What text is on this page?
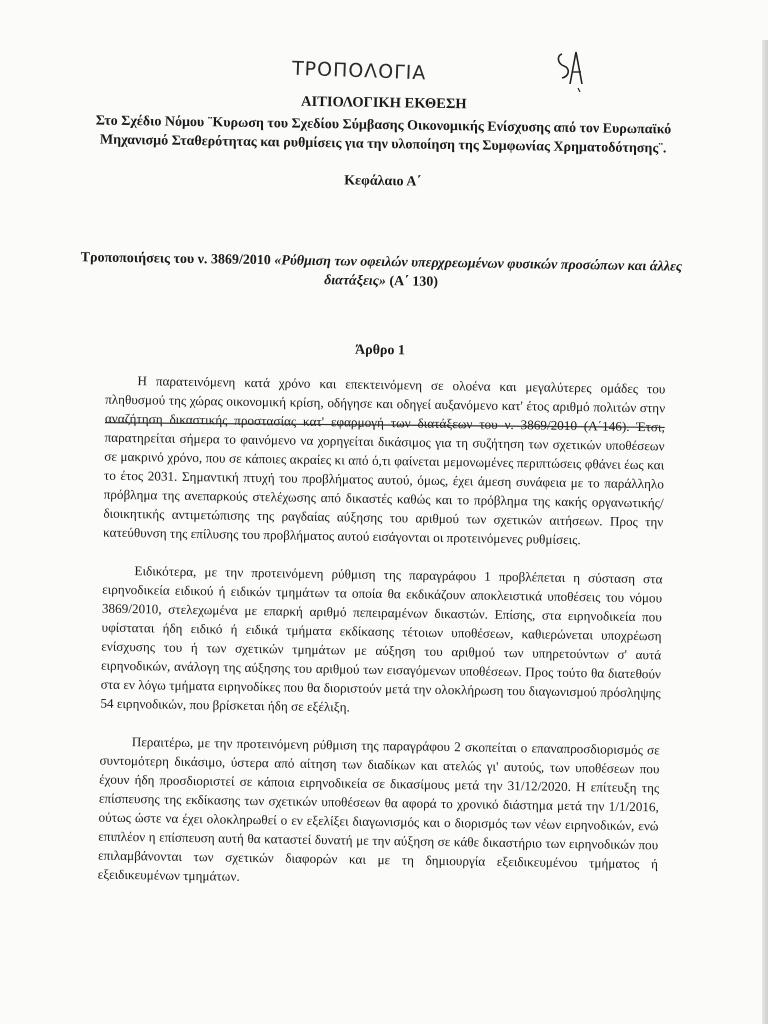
ΤΡΟΠΟΛΟΓΙΑ
ΑΙΤΙΟΛΟΓΙΚΗ ΕΚΘΕΣΗ
Στο Σχέδιο Νόμου ¨Κυρωση του Σχεδίου Σύμβασης Οικονομικής Ενίσχυσης από τον Ευρωπαϊκό Μηχανισμό Σταθερότητας και ρυθμίσεις για την υλοποίηση της Συμφωνίας Χρηματοδότησης¨.
Κεφάλαιο Α΄
Τροποποιήσεις του ν. 3869/2010 «Ρύθμιση των οφειλών υπερχρεωμένων φυσικών προσώπων και άλλες διατάξεις» (Α΄ 130)
Άρθρο 1

Η παρατεινόμενη κατά χρόνο και επεκτεινόμενη σε ολοένα και μεγαλύτερες ομάδες του πληθυσμού της χώρας οικονομική κρίση, οδήγησε και οδηγεί αυξανόμενο κατ' έτος αριθμό πολιτών στην αναζήτηση δικαστικής προστασίας κατ' εφαρμογή των διατάξεων του ν. 3869/2010 (Α΄146). Έτσι, παρατηρείται σήμερα το φαινόμενο να χορηγείται δικάσιμος για τη συζήτηση των σχετικών υποθέσεων σε μακρινό χρόνο, που σε κάποιες ακραίες κι από ό,τι φαίνεται μεμονωμένες περιπτώσεις φθάνει έως και το έτος 2031. Σημαντική πτυχή του προβλήματος αυτού, όμως, έχει άμεση συνάφεια με το παράλληλο πρόβλημα της ανεπαρκούς στελέχωσης από δικαστές καθώς και το πρόβλημα της κακής οργανωτικής/διοικητικής αντιμετώπισης της ραγδαίας αύξησης του αριθμού των σχετικών αιτήσεων. Προς την κατεύθυνση της επίλυσης του προβλήματος αυτού εισάγονται οι προτεινόμενες ρυθμίσεις.

Ειδικότερα, με την προτεινόμενη ρύθμιση της παραγράφου 1 προβλέπεται η σύσταση στα ειρηνοδικεία ειδικού ή ειδικών τμημάτων τα οποία θα εκδικάζουν αποκλειστικά υποθέσεις του νόμου 3869/2010, στελεχωμένα με επαρκή αριθμό πεπειραμένων δικαστών. Επίσης, στα ειρηνοδικεία που υφίσταται ήδη ειδικό ή ειδικά τμήματα εκδίκασης τέτοιων υποθέσεων, καθιερώνεται υποχρέωση ενίσχυσης του ή των σχετικών τμημάτων με αύξηση του αριθμού των υπηρετούντων σ' αυτά ειρηνοδικών, ανάλογη της αύξησης του αριθμού των εισαγόμενων υποθέσεων. Προς τούτο θα διατεθούν στα εν λόγω τμήματα ειρηνοδίκες που θα διοριστούν μετά την ολοκλήρωση του διαγωνισμού πρόσληψης 54 ειρηνοδικών, που βρίσκεται ήδη σε εξέλιξη.

Περαιτέρω, με την προτεινόμενη ρύθμιση της παραγράφου 2 σκοπείται ο επαναπροσδιορισμός σε συντομότερη δικάσιμο, ύστερα από αίτηση των διαδίκων και ατελώς γι' αυτούς, των υποθέσεων που έχουν ήδη προσδιοριστεί σε κάποια ειρηνοδικεία σε δικασίμους μετά την 31/12/2020. Η επίτευξη της επίσπευσης της εκδίκασης των σχετικών υποθέσεων θα αφορά το χρονικό διάστημα μετά την 1/1/2016, ούτως ώστε να έχει ολοκληρωθεί ο εν εξελίξει διαγωνισμός και ο διορισμός των νέων ειρηνοδικών, ενώ επιπλέον η επίσπευση αυτή θα καταστεί δυνατή με την αύξηση σε κάθε δικαστήριο των ειρηνοδικών που επιλαμβάνονται των σχετικών διαφορών και με τη δημιουργία εξειδικευμένου τμήματος ή εξειδικευμένων τμημάτων.
